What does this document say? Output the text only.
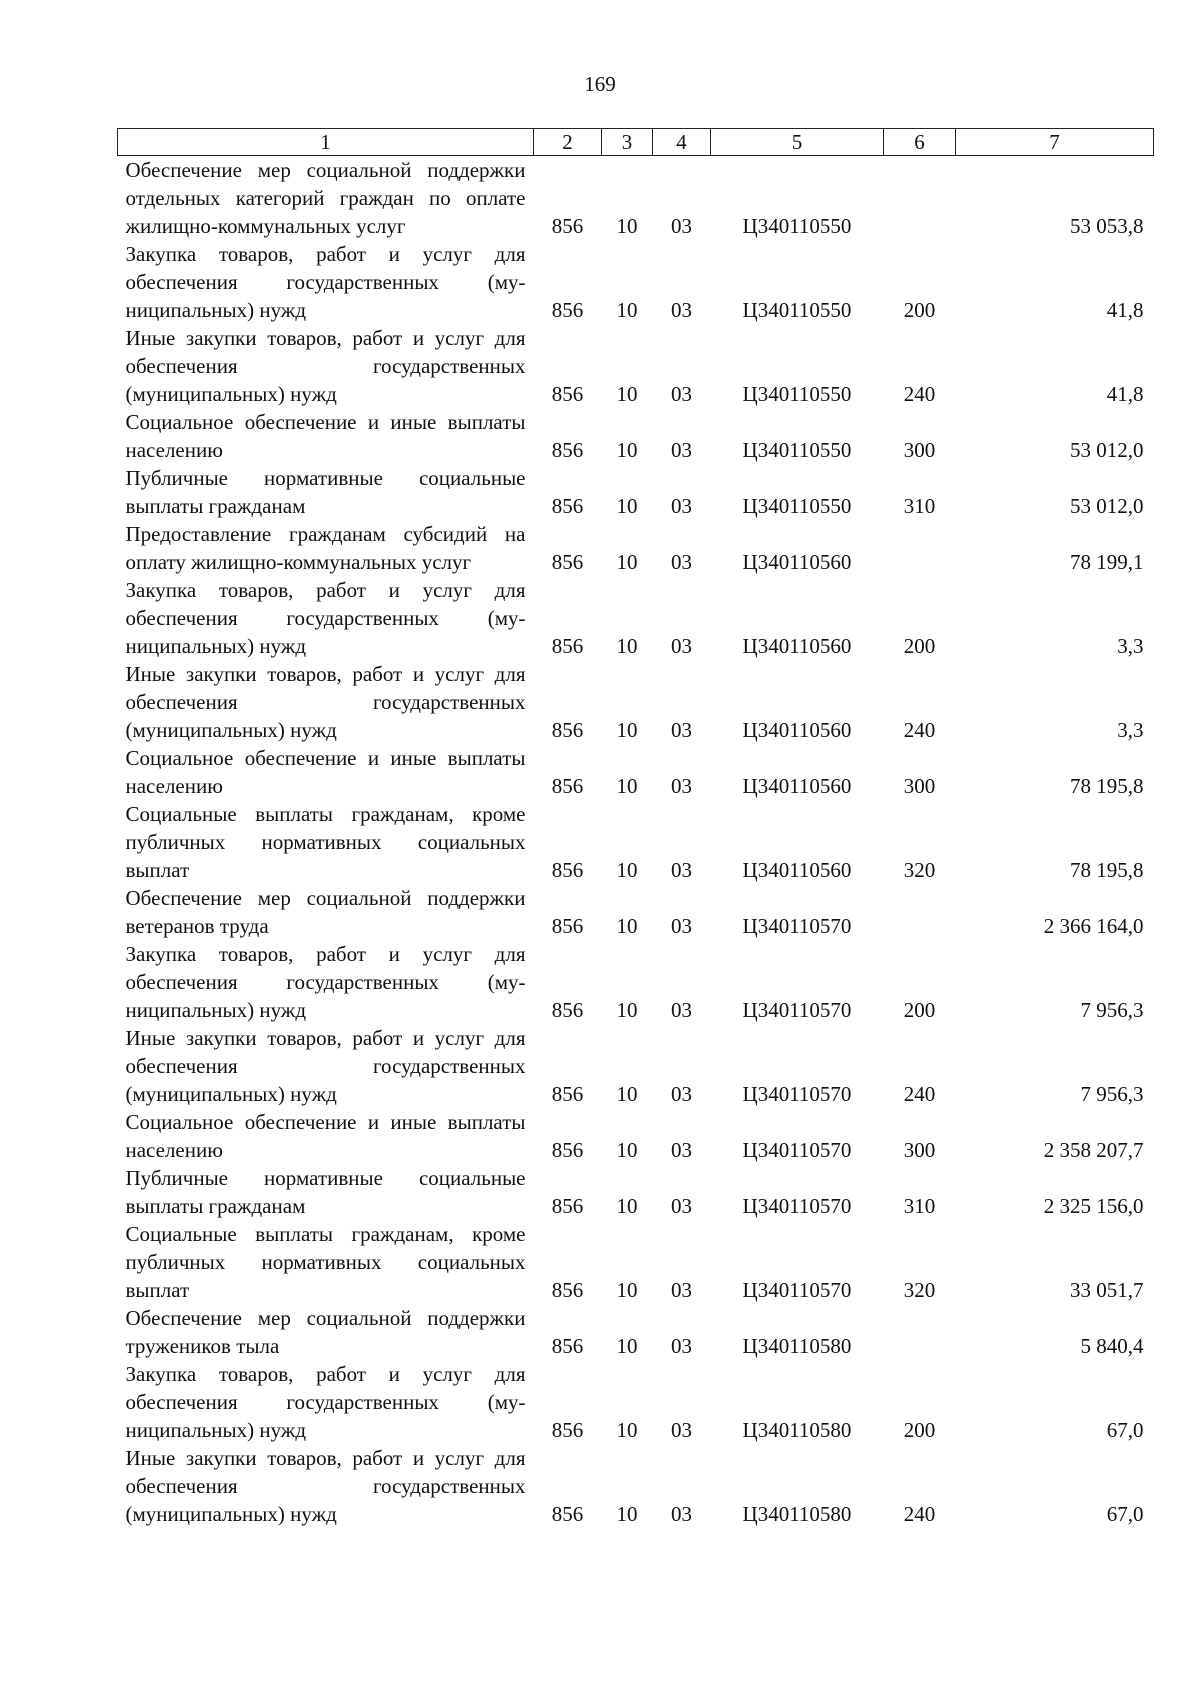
169
1	2	3	4	5	6	7
Обеспечение мер социальной поддержки отдельных категорий граждан по оплате жилищно-коммунальных услуг	856	10	03	Ц340110550		53 053,8
Закупка товаров, работ и услуг для обеспечения государственных (муниципальных) нужд	856	10	03	Ц340110550	200	41,8
Иные закупки товаров, работ и услуг для обеспечения государственных (муниципальных) нужд	856	10	03	Ц340110550	240	41,8
Социальное обеспечение и иные выплаты населению	856	10	03	Ц340110550	300	53 012,0
Публичные нормативные социальные выплаты гражданам	856	10	03	Ц340110550	310	53 012,0
Предоставление гражданам субсидий на оплату жилищно-коммунальных услуг	856	10	03	Ц340110560		78 199,1
Закупка товаров, работ и услуг для обеспечения государственных (муниципальных) нужд	856	10	03	Ц340110560	200	3,3
Иные закупки товаров, работ и услуг для обеспечения государственных (муниципальных) нужд	856	10	03	Ц340110560	240	3,3
Социальное обеспечение и иные выплаты населению	856	10	03	Ц340110560	300	78 195,8
Социальные выплаты гражданам, кроме публичных нормативных социальных выплат	856	10	03	Ц340110560	320	78 195,8
Обеспечение мер социальной поддержки ветеранов труда	856	10	03	Ц340110570		2 366 164,0
Закупка товаров, работ и услуг для обеспечения государственных (муниципальных) нужд	856	10	03	Ц340110570	200	7 956,3
Иные закупки товаров, работ и услуг для обеспечения государственных (муниципальных) нужд	856	10	03	Ц340110570	240	7 956,3
Социальное обеспечение и иные выплаты населению	856	10	03	Ц340110570	300	2 358 207,7
Публичные нормативные социальные выплаты гражданам	856	10	03	Ц340110570	310	2 325 156,0
Социальные выплаты гражданам, кроме публичных нормативных социальных выплат	856	10	03	Ц340110570	320	33 051,7
Обеспечение мер социальной поддержки тружеников тыла	856	10	03	Ц340110580		5 840,4
Закупка товаров, работ и услуг для обеспечения государственных (муниципальных) нужд	856	10	03	Ц340110580	200	67,0
Иные закупки товаров, работ и услуг для обеспечения государственных (муниципальных) нужд	856	10	03	Ц340110580	240	67,0
